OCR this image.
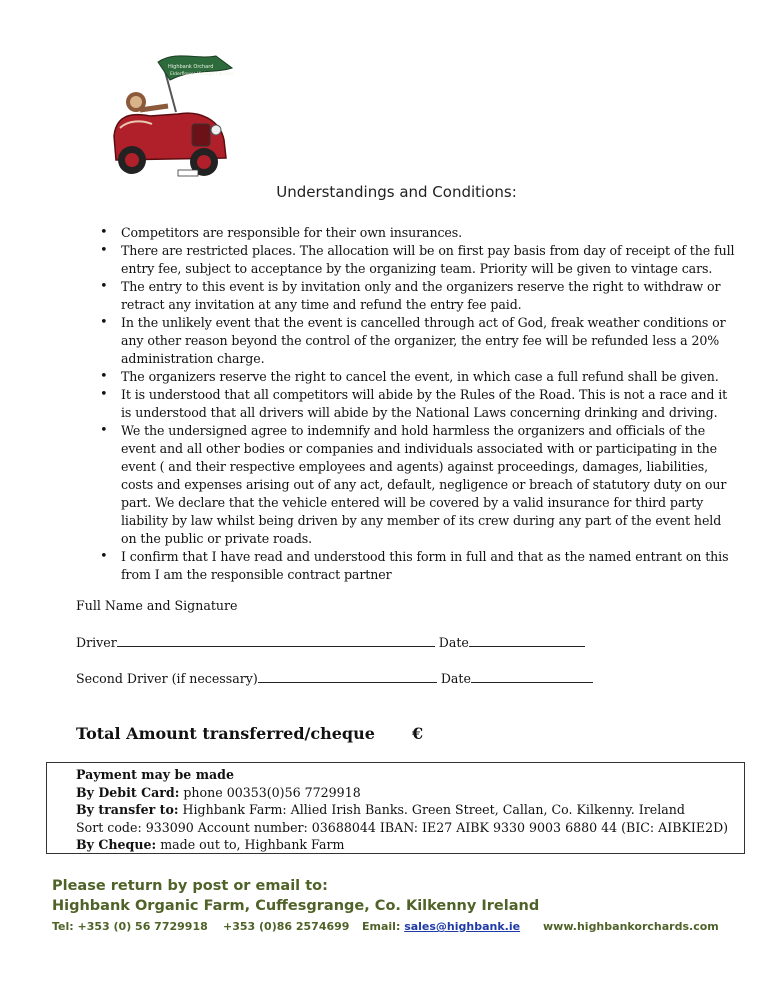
Highbank Orchard
Elderflower Vintage Car Run
Understandings and Conditions:
• Competitors are responsible for their own insurances.
• There are restricted places. The allocation will be on first pay basis from day of receipt of the full entry fee, subject to acceptance by the organizing team. Priority will be given to vintage cars.
• The entry to this event is by invitation only and the organizers reserve the right to withdraw or retract any invitation at any time and refund the entry fee paid.
• In the unlikely event that the event is cancelled through act of God, freak weather conditions or any other reason beyond the control of the organizer, the entry fee will be refunded less a 20% administration charge.
• The organizers reserve the right to cancel the event, in which case a full refund shall be given.
• It is understood that all competitors will abide by the Rules of the Road. This is not a race and it is understood that all drivers will abide by the National Laws concerning drinking and driving.
• We the undersigned agree to indemnify and hold harmless the organizers and officials of the event and all other bodies or companies and individuals associated with or participating in the event ( and their respective employees and agents) against proceedings, damages, liabilities, costs and expenses arising out of any act, default, negligence or breach of statutory duty on our part. We declare that the vehicle entered will be covered by a valid insurance for third party liability by law whilst being driven by any member of its crew during any part of the event held on the public or private roads.
• I confirm that I have read and understood this form in full and that as the named entrant on this from I am the responsible contract partner
Full Name and Signature
Driver	Date
Second Driver (if necessary)	Date
Total Amount transferred/cheque €
Payment may be made
By Debit Card: phone 00353(0)56 7729918
By transfer to: Highbank Farm: Allied Irish Banks. Green Street, Callan, Co. Kilkenny. Ireland
Sort code: 933090 Account number: 03688044 IBAN: IE27 AIBK 9330 9003 6880 44 (BIC: AIBKIE2D)
By Cheque: made out to, Highbank Farm
Please return by post or email to:
Highbank Organic Farm, Cuffesgrange, Co. Kilkenny Ireland
Tel: +353 (0) 56 7729918 +353 (0)86 2574699 Email: sales@highbank.ie www.highbankorchards.com
